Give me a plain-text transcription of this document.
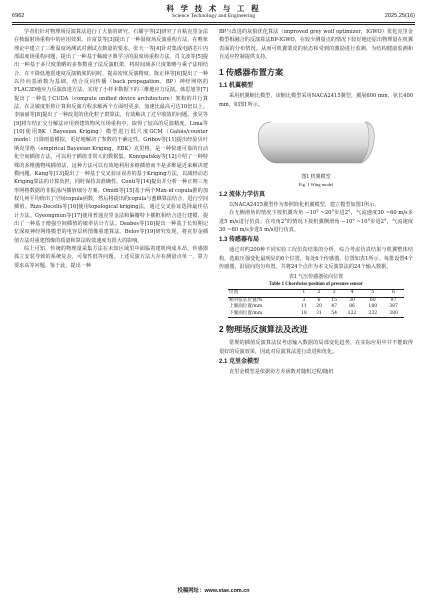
科 学 技 术 与 工 程
6962	Science Technology and Engineering	2025,25(16)

学者们针对物理场反演算法进行了大量的研究。石耀宇等[2]研究了自粘克里金法在核辐射场重构中的应用效果。许富景等[3]提出了一种温度场反演重构方法，在唯象理论中建立了三维温度场测试对测试点数量的要求。张天一等[4]针对集成电路芯片内部温度场重构问题，提出了一种基于稀疏字典学习的温度场重构方法。肖文波等[5]提出一种基于多尺度策略的多参数重子法反演框架，将时间域多尺度策略与乘子法相结合，在不降低地震速度反演精度的同时，提高密度反演精度。陈正林等[6]提出了一种以径向基函数为基础，结合反向传播（back propagation，BP）神经网络的FLAC3D地应力反演改进方法，实现了小样本数据下的三维地应力反演。韩思旭等[7]提出了一种基于CUDA（compute unified device architecture）架构的并行算法，在灵敏度矩阵计算和反演方程求解两个方面时更多，加速比最高可达10倍以上。李丽丽等[8]提出了一种改进的优化粒子群算法，有效解决了过早收敛的问题。张昊等[9]将车结正交分解法应用到建筑物风压场重构中，取得了较高的反演精度。Lima等[10]使用BK（Bayesian Kriging）模型进行低尺度GCM（Galois/counter mode）日降雨量模拟，更好地解决了参数的不确定性。Gribov等[11]提出经验贝叶斯克里格（empirical Bayesian Kriging，EBK）克里格，是一种快速可靠的自动化空间插值方法，可以用于插值非常大的数据集。Konopatskiy等[12]介绍了一种特殊的多维抛物线插值法，这种方法可以有效地利用多维插值而不是多维逼近来解决建模问题。Kang等[13]提出了一种基于交叉验证误差的基于Kriging方法，以减轻动态Kriging算法的计算负担，同时保持其准确性。Conti等[14]提出并分析一种正则三角形网格数据的非振荡内插值细分方案。Omidi等[15]基于两个Max-id copula推的加权几何平均值出了空间copula函数，然后将提出的copula与蜜蜂算法结合，进行空间插值。Rizo-Decelis等[16]使用topological kriging法，通过交叉验证选择最佳估计方法。Gyeongmun等[17]使用普通克里金法和偏瓣特卡插框相结合进行建模，提出了一种基于增强空间插值的敏率估计方法。Deabes等[18]提出一种基于长短期记忆深度神经网络模型的电容层析图像重建算法。Belov等[19]研究发现，将克里金插值方法对重建图像的质量和算法收敛速度有很大的影响。

综上可知，传统的物理量采集方法在未知区域里中面临着建机网成本昂，传感器孤立安装导致的系统复杂，可靠性低等问题。上述反演方法大存在测量点单一，算力要求高等问题。鉴于此，提出一种

BP与改进的灰狼优化算法（improved grey wolf optimizer，IGWO）优化克里金模型相融合的反演算法BP-IGWO，在较少测量点的情况下较好地还原出物理量在机翼表面的分布情况。从而可机翼蒙皮的状态和受到的激励进行监测，为结构健康监测和自适应控制提供支持。

1 传感器布置方案
1.1 机翼模型

采用机翼缩比模型，该缩比模型采用NACA2415翼型，翼展600 mm，弦长400 mm，如图1所示。

图1 机翼模型
Fig. 1 Wing model
1.2 流体力学仿真

以NACA2415翼型作为参照简化机翼模型，建立模型如图1所示。

在无侧滑角的情况下按机翼攻角 −10° ~20°步进2°，气流速度30 ~60 m/s步进5 m/s进行仿真；在攻角2°的情况下按机翼侧滑角 −10° ~10°步进2°，气流速度30 ~60 m/s步进5 m/s进行仿真。

1.3 传感器布局

通过对约200种不同实验工况仿真结果的分析，综合考虑仿真结果与机翼整体结构，选取压强变化最明显的6个位置，每处6个传感器，位置如表1所示。每排设置4个传感器，沿展向均匀布置。共将24个点作为本文反演算法的24个输入数据。

表1 气压传感器弦向位置
Table 1 Chordwise position of pressure sensor
位置	1	2	3	4	5	6
相对弦长位置/%	3	6	15	30	60	97
上翼面位置/mm	11	20	47	86	180	387
下翼面位置/mm	18	31	54	122	232	380
2 物理场反演算法及改进

常规的插值反演算法仅考虑输入数据的局部变化趋势，在实际应用中并不能取得很好的反演效果，因此对反演算法进行改进和优化。

2.1 克里金模型

克里金模型是依据协方差函数对随机过程/随机

投稿网址：www.stae.com.cn
